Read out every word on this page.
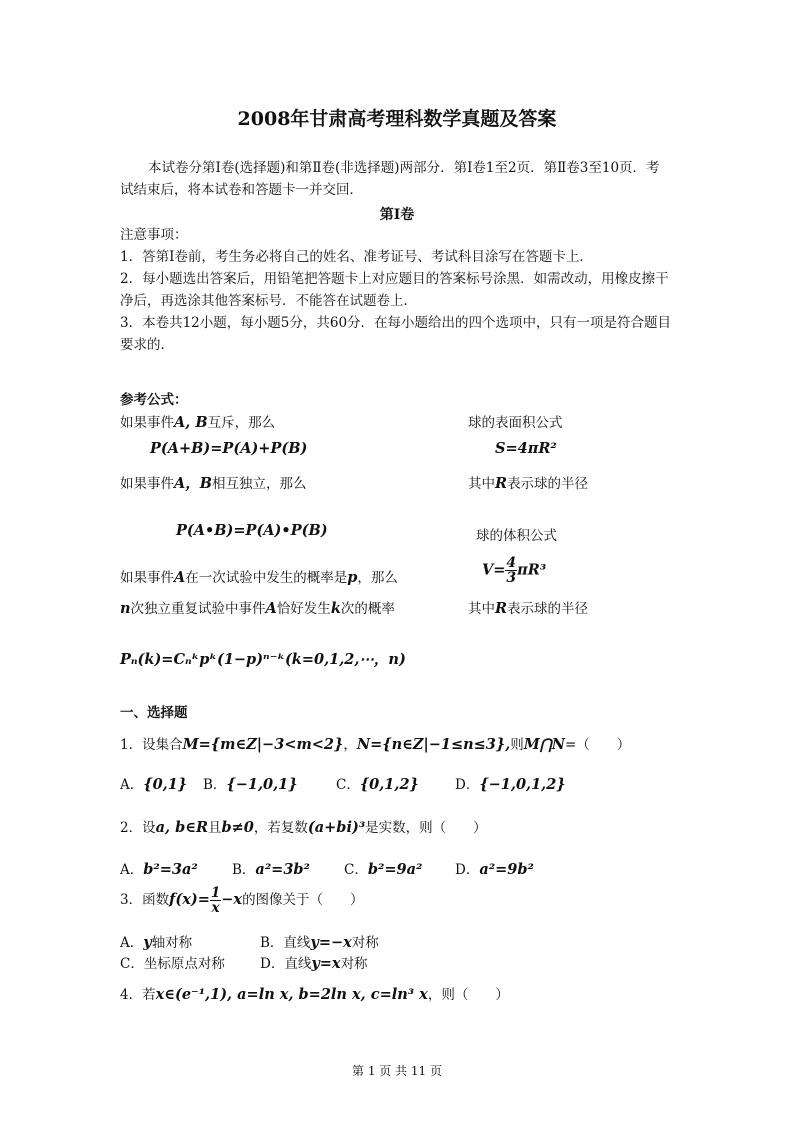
2008年甘肃高考理科数学真题及答案
本试卷分第Ⅰ卷(选择题)和第Ⅱ卷(非选择题)两部分．第Ⅰ卷1至2页．第Ⅱ卷3至10页．考试结束后，将本试卷和答题卡一并交回．
第Ⅰ卷
注意事项：
1．答第Ⅰ卷前，考生务必将自己的姓名、准考证号、考试科目涂写在答题卡上．
2．每小题选出答案后，用铅笔把答题卡上对应题目的答案标号涂黑．如需改动，用橡皮擦干净后，再选涂其他答案标号．不能答在试题卷上．
3．本卷共12小题，每小题5分，共60分．在每小题给出的四个选项中，只有一项是符合题目要求的．
参考公式：
如果事件A, B互斥，那么	球的表面积公式
P(A+B)=P(A)+P(B)	S=4πR²
如果事件A，B相互独立，那么	其中R表示球的半径
P(A•B)=P(A)•P(B)	球的体积公式
如果事件A在一次试验中发生的概率是p，那么	$V= \frac{4}{3} \pi R^3$
n次独立重复试验中事件A恰好发生k次的概率	其中R表示球的半径
Pₙ(k)=Cₙᵏpᵏ(1−p)ⁿ⁻ᵏ(k=0,1,2,⋯，n)
一、选择题
1．设集合M={m∈Z|−3<m<2}，N={n∈Z|−1≤n≤3},则M⋂N=（　　）
A．{0,1} B．{−1,0,1}	C．{0,1,2}	D．{−1,0,1,2}
2．设a, b∈R且b≠0，若复数(a+bi)³是实数，则（　　）
A．b²=3a²	B．a²=3b²	C．b²=9a² D．a²=9b²
3．函数$f(x)= \frac{1}{x} -x$的图像关于（　　）
A．y轴对称	B．直线y=−x对称
C．坐标原点对称	D．直线y=x对称
4．若x∈(e⁻¹,1), a=ln x, b=2ln x, c=ln³ x，则（　　）
第 1 页 共 11 页
